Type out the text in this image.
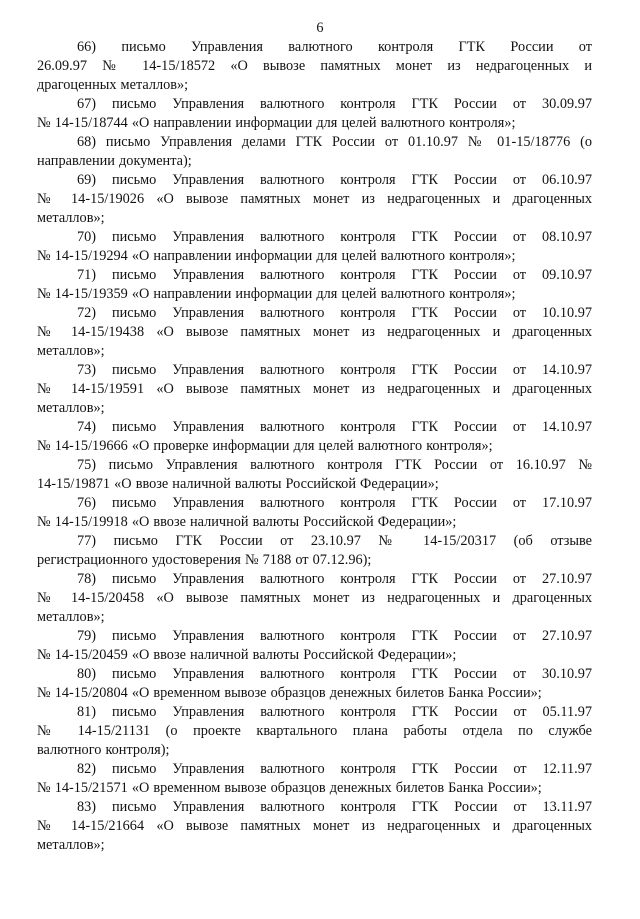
6
66) письмо Управления валютного контроля ГТК России от
26.09.97 № 14-15/18572 «О вывозе памятных монет из недрагоценных и
драгоценных металлов»;
67) письмо Управления валютного контроля ГТК России от 30.09.97
№ 14-15/18744 «О направлении информации для целей валютного контроля»;
68) письмо Управления делами ГТК России от 01.10.97 № 01-15/18776 (о
направлении документа);
69) письмо Управления валютного контроля ГТК России от 06.10.97
№ 14-15/19026 «О вывозе памятных монет из недрагоценных и драгоценных
металлов»;
70) письмо Управления валютного контроля ГТК России от 08.10.97
№ 14-15/19294 «О направлении информации для целей валютного контроля»;
71) письмо Управления валютного контроля ГТК России от 09.10.97
№ 14-15/19359 «О направлении информации для целей валютного контроля»;
72) письмо Управления валютного контроля ГТК России от 10.10.97
№ 14-15/19438 «О вывозе памятных монет из недрагоценных и драгоценных
металлов»;
73) письмо Управления валютного контроля ГТК России от 14.10.97
№ 14-15/19591 «О вывозе памятных монет из недрагоценных и драгоценных
металлов»;
74) письмо Управления валютного контроля ГТК России от 14.10.97
№ 14-15/19666 «О проверке информации для целей валютного контроля»;
75) письмо Управления валютного контроля ГТК России от 16.10.97 №
14-15/19871 «О ввозе наличной валюты Российской Федерации»;
76) письмо Управления валютного контроля ГТК России от 17.10.97
№ 14-15/19918 «О ввозе наличной валюты Российской Федерации»;
77) письмо ГТК России от 23.10.97 № 14-15/20317 (об отзыве
регистрационного удостоверения № 7188 от 07.12.96);
78) письмо Управления валютного контроля ГТК России от 27.10.97
№ 14-15/20458 «О вывозе памятных монет из недрагоценных и драгоценных
металлов»;
79) письмо Управления валютного контроля ГТК России от 27.10.97
№ 14-15/20459 «О ввозе наличной валюты Российской Федерации»;
80) письмо Управления валютного контроля ГТК России от 30.10.97
№ 14-15/20804 «О временном вывозе образцов денежных билетов Банка России»;
81) письмо Управления валютного контроля ГТК России от 05.11.97
№ 14-15/21131 (о проекте квартального плана работы отдела по службе
валютного контроля);
82) письмо Управления валютного контроля ГТК России от 12.11.97
№ 14-15/21571 «О временном вывозе образцов денежных билетов Банка России»;
83) письмо Управления валютного контроля ГТК России от 13.11.97
№ 14-15/21664 «О вывозе памятных монет из недрагоценных и драгоценных
металлов»;
